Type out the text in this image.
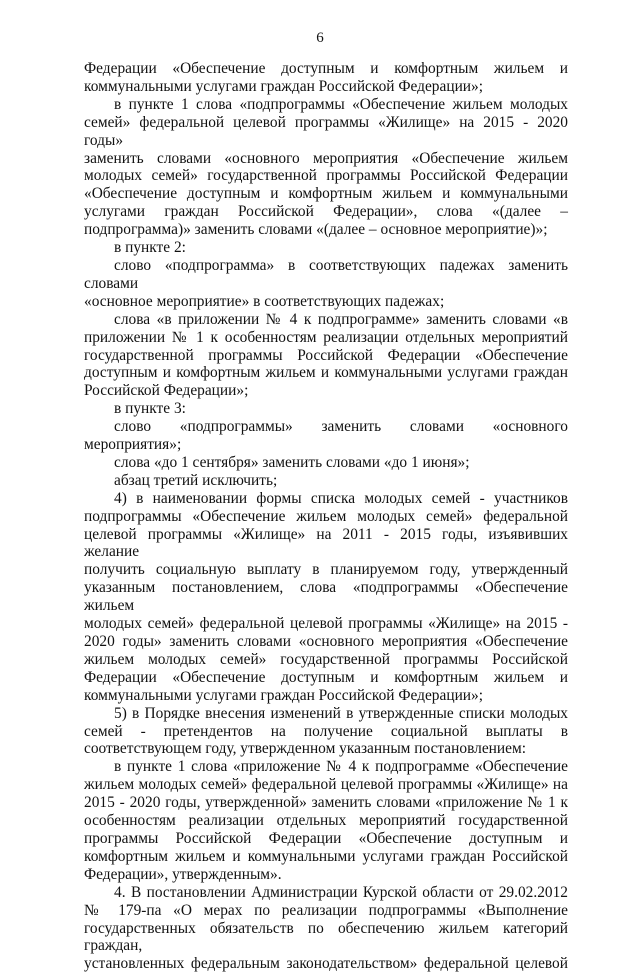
6

Федерации «Обеспечение доступным и комфортным жильем и

коммунальными услугами граждан Российской Федерации»;

в пункте 1 слова «подпрограммы «Обеспечение жильем молодых

семей» федеральной целевой программы «Жилище» на 2015 - 2020 годы»

заменить словами «основного мероприятия «Обеспечение жильем

молодых семей» государственной программы Российской Федерации

«Обеспечение доступным и комфортным жильем и коммунальными

услугами граждан Российской Федерации», слова «(далее –

подпрограмма)» заменить словами «(далее – основное мероприятие)»;

в пункте 2:

слово «подпрограмма» в соответствующих падежах заменить словами

«основное мероприятие» в соответствующих падежах;

слова «в приложении № 4 к подпрограмме» заменить словами «в

приложении № 1 к особенностям реализации отдельных мероприятий

государственной программы Российской Федерации «Обеспечение

доступным и комфортным жильем и коммунальными услугами граждан

Российской Федерации»;

в пункте 3:

слово «подпрограммы» заменить словами «основного мероприятия»;

слова «до 1 сентября» заменить словами «до 1 июня»;

абзац третий исключить;

4) в наименовании формы списка молодых семей - участников

подпрограммы «Обеспечение жильем молодых семей» федеральной

целевой программы «Жилище» на 2011 - 2015 годы, изъявивших желание

получить социальную выплату в планируемом году, утвержденный

указанным постановлением, слова «подпрограммы «Обеспечение жильем

молодых семей» федеральной целевой программы «Жилище» на 2015 -

2020 годы» заменить словами «основного мероприятия «Обеспечение

жильем молодых семей» государственной программы Российской

Федерации «Обеспечение доступным и комфортным жильем и

коммунальными услугами граждан Российской Федерации»;

5) в Порядке внесения изменений в утвержденные списки молодых

семей - претендентов на получение социальной выплаты в

соответствующем году, утвержденном указанным постановлением:

в пункте 1 слова «приложение № 4 к подпрограмме «Обеспечение

жильем молодых семей» федеральной целевой программы «Жилище» на

2015 - 2020 годы, утвержденной» заменить словами «приложение № 1 к

особенностям реализации отдельных мероприятий государственной

программы Российской Федерации «Обеспечение доступным и

комфортным жильем и коммунальными услугами граждан Российской

Федерации», утвержденным».

4. В постановлении Администрации Курской области от 29.02.2012

№ 179-па «О мерах по реализации подпрограммы «Выполнение

государственных обязательств по обеспечению жильем категорий граждан,

установленных федеральным законодательством» федеральной целевой
